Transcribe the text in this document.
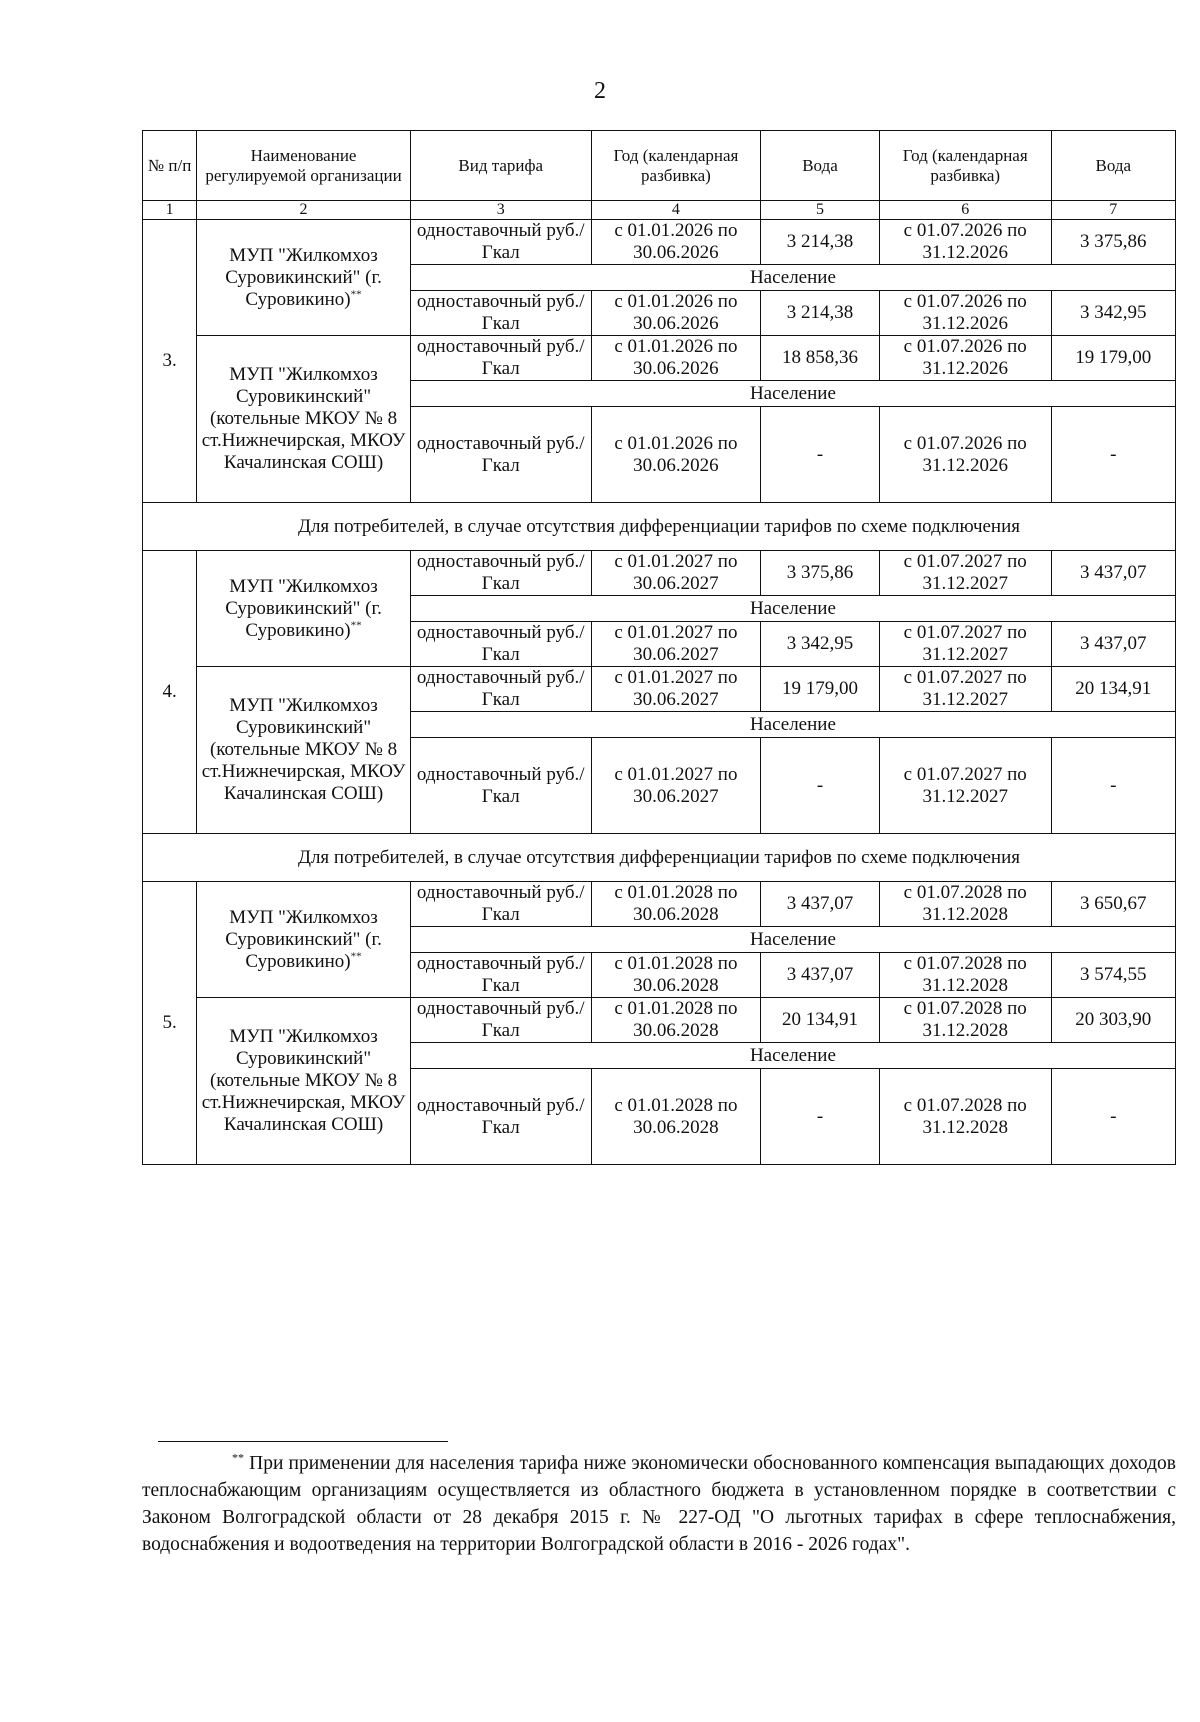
2
№ п/п	Наименование регулируемой организации	Вид тарифа	Год (календарная разбивка)	Вода	Год (календарная разбивка)	Вода
1	2	3	4	5	6	7
3.	МУП "Жилкомхоз Суровикинский" (г. Суровикино)**	одноставочный руб./Гкал	с 01.01.2026 по 30.06.2026	3 214,38	с 01.07.2026 по 31.12.2026	3 375,86
		Население				
		одноставочный руб./Гкал	с 01.01.2026 по 30.06.2026	3 214,38	с 01.07.2026 по 31.12.2026	3 342,95
	МУП "Жилкомхоз Суровикинский" (котельные МКОУ № 8 ст.Нижнечирская, МКОУ Качалинская СОШ)	одноставочный руб./Гкал	с 01.01.2026 по 30.06.2026	18 858,36	с 01.07.2026 по 31.12.2026	19 179,00
		Население				
		одноставочный руб./Гкал	с 01.01.2026 по 30.06.2026	-	с 01.07.2026 по 31.12.2026	-
Для потребителей, в случае отсутствия дифференциации тарифов по схеме подключения						
4.	МУП "Жилкомхоз Суровикинский" (г. Суровикино)**	одноставочный руб./Гкал	с 01.01.2027 по 30.06.2027	3 375,86	с 01.07.2027 по 31.12.2027	3 437,07
		Население				
		одноставочный руб./Гкал	с 01.01.2027 по 30.06.2027	3 342,95	с 01.07.2027 по 31.12.2027	3 437,07
	МУП "Жилкомхоз Суровикинский" (котельные МКОУ № 8 ст.Нижнечирская, МКОУ Качалинская СОШ)	одноставочный руб./Гкал	с 01.01.2027 по 30.06.2027	19 179,00	с 01.07.2027 по 31.12.2027	20 134,91
		Население				
		одноставочный руб./Гкал	с 01.01.2027 по 30.06.2027	-	с 01.07.2027 по 31.12.2027	-
Для потребителей, в случае отсутствия дифференциации тарифов по схеме подключения						
5.	МУП "Жилкомхоз Суровикинский" (г. Суровикино)**	одноставочный руб./Гкал	с 01.01.2028 по 30.06.2028	3 437,07	с 01.07.2028 по 31.12.2028	3 650,67
		Население				
		одноставочный руб./Гкал	с 01.01.2028 по 30.06.2028	3 437,07	с 01.07.2028 по 31.12.2028	3 574,55
	МУП "Жилкомхоз Суровикинский" (котельные МКОУ № 8 ст.Нижнечирская, МКОУ Качалинская СОШ)	одноставочный руб./Гкал	с 01.01.2028 по 30.06.2028	20 134,91	с 01.07.2028 по 31.12.2028	20 303,90
		Население				
		одноставочный руб./Гкал	с 01.01.2028 по 30.06.2028	-	с 01.07.2028 по 31.12.2028	-
** При применении для населения тарифа ниже экономически обоснованного компенсация выпадающих доходов теплоснабжающим организациям осуществляется из областного бюджета в установленном порядке в соответствии с Законом Волгоградской области от 28 декабря 2015 г. № 227-ОД "О льготных тарифах в сфере теплоснабжения, водоснабжения и водоотведения на территории Волгоградской области в 2016 - 2026 годах".
